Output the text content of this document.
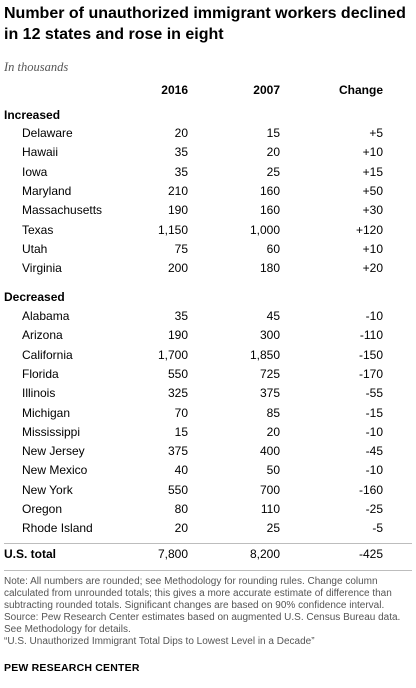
Number of unauthorized immigrant workers declined in 12 states and rose in eight
In thousands
2016	2007	Change
Increased
Delaware	20	15	+5
Hawaii	35	20	+10
Iowa	35	25	+15
Maryland	210	160	+50
Massachusetts	190	160	+30
Texas	1,150	1,000	+120
Utah	75	60	+10
Virginia	200	180	+20
Decreased
Alabama	35	45	-10
Arizona	190	300	-110
California	1,700	1,850	-150
Florida	550	725	-170
Illinois	325	375	-55
Michigan	70	85	-15
Mississippi	15	20	-10
New Jersey	375	400	-45
New Mexico	40	50	-10
New York	550	700	-160
Oregon	80	110	-25
Rhode Island	20	25	-5
U.S. total	7,800	8,200	-425
Note: All numbers are rounded; see Methodology for rounding rules. Change column calculated from unrounded totals; this gives a more accurate estimate of difference than subtracting rounded totals. Significant changes are based on 90% confidence interval.
Source: Pew Research Center estimates based on augmented U.S. Census Bureau data. See Methodology for details.
“U.S. Unauthorized Immigrant Total Dips to Lowest Level in a Decade”
PEW RESEARCH CENTER
